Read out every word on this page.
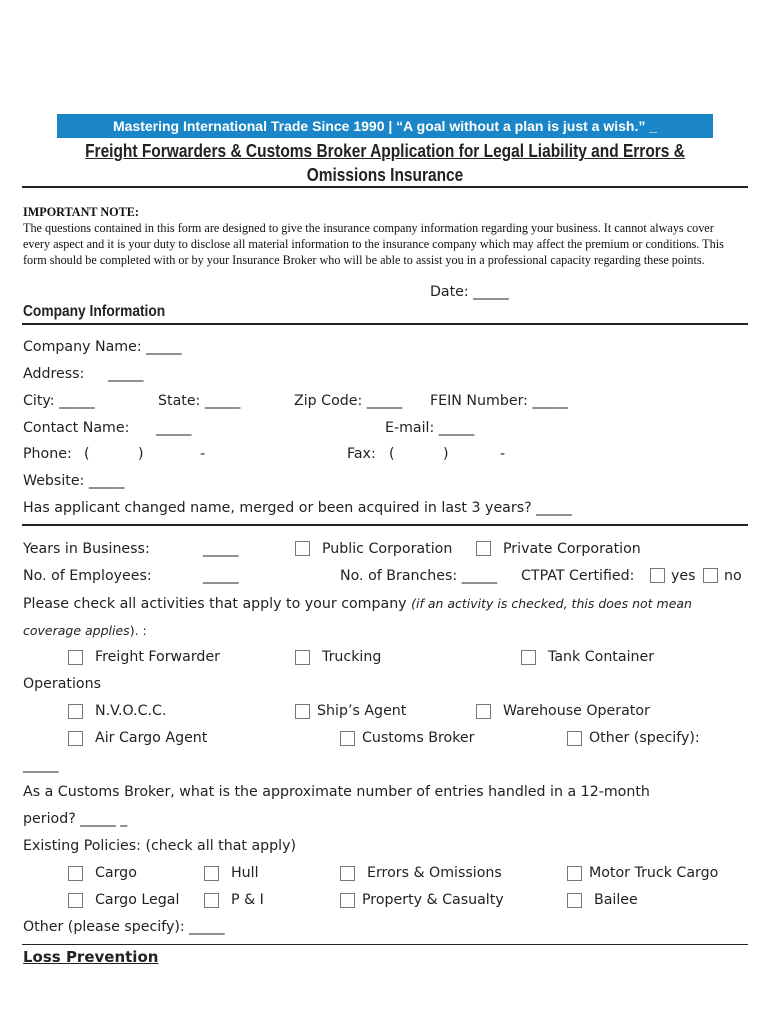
Mastering International Trade Since 1990 | “A goal without a plan is just a wish.” _
Freight Forwarders & Customs Broker Application for Legal Liability and Errors &
Omissions Insurance
IMPORTANT NOTE:
The questions contained in this form are designed to give the insurance company information regarding your business. It cannot always cover every aspect and it is your duty to disclose all material information to the insurance company which may affect the premium or conditions. This form should be completed with or by your Insurance Broker who will be able to assist you in a professional capacity regarding these points.
Date: _____
Company Information
Company Name: _____
Address: _____
City: _____	State: _____	Zip Code: _____ FEIN Number: _____
Contact Name: _____	E-mail: _____
Phone: (	)	-	Fax: (	)	-
Website: _____
Has applicant changed name, merged or been acquired in last 3 years? _____
Years in Business:	_____	Public Corporation	Private Corporation
No. of Employees:	_____	No. of Branches: _____ CTPAT Certified:	yes no
Please check all activities that apply to your company (if an activity is checked, this does not mean
coverage applies). :
Freight Forwarder	Trucking	Tank Container
Operations
N.V.O.C.C.	Ship’s Agent	Warehouse Operator
Air Cargo Agent	Customs Broker	Other (specify):
_____
As a Customs Broker, what is the approximate number of entries handled in a 12-month
period? _____ _
Existing Policies: (check all that apply)
Cargo	Hull	Errors & Omissions	Motor Truck Cargo
Cargo Legal	P & I	Property & Casualty	Bailee
Other (please specify): _____
Loss Prevention
